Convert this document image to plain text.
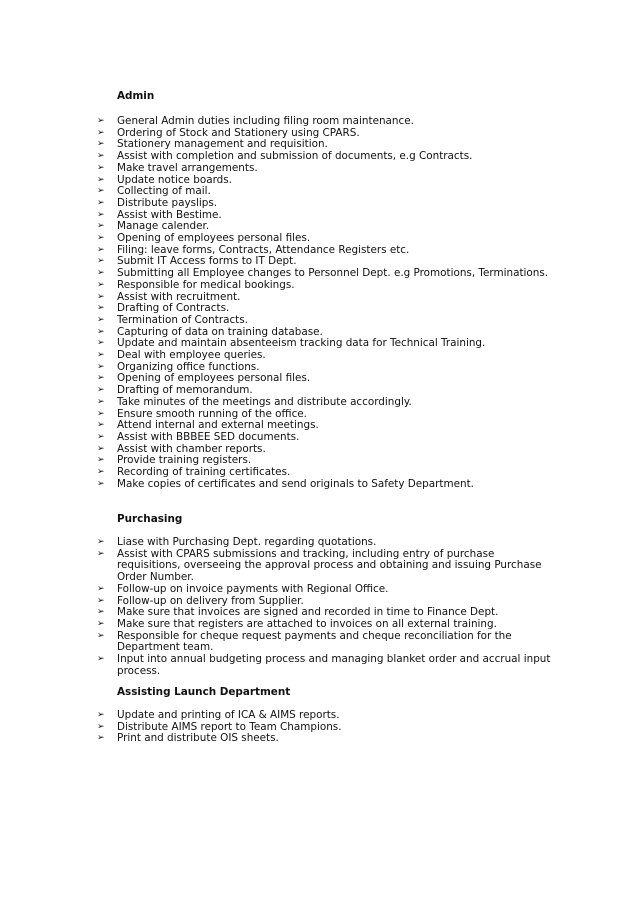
Admin
➢	General Admin duties including filing room maintenance.
➢	Ordering of Stock and Stationery using CPARS.
➢	Stationery management and requisition.
➢	Assist with completion and submission of documents, e.g Contracts.
➢	Make travel arrangements.
➢	Update notice boards.
➢	Collecting of mail.
➢	Distribute payslips.
➢	Assist with Bestime.
➢	Manage calender.
➢	Opening of employees personal files.
➢	Filing: leave forms, Contracts, Attendance Registers etc.
➢	Submit IT Access forms to IT Dept.
➢	Submitting all Employee changes to Personnel Dept. e.g Promotions, Terminations.
➢	Responsible for medical bookings.
➢	Assist with recruitment.
➢	Drafting of Contracts.
➢	Termination of Contracts.
➢	Capturing of data on training database.
➢	Update and maintain absenteeism tracking data for Technical Training.
➢	Deal with employee queries.
➢	Organizing office functions.
➢	Opening of employees personal files.
➢	Drafting of memorandum.
➢	Take minutes of the meetings and distribute accordingly.
➢	Ensure smooth running of the office.
➢	Attend internal and external meetings.
➢	Assist with BBBEE SED documents.
➢	Assist with chamber reports.
➢	Provide training registers.
➢	Recording of training certificates.
➢	Make copies of certificates and send originals to Safety Department.
Purchasing
➢	Liase with Purchasing Dept. regarding quotations.
➢	Assist with CPARS submissions and tracking, including entry of purchase requisitions, overseeing the approval process and obtaining and issuing Purchase Order Number.
➢	Follow-up on invoice payments with Regional Office.
➢	Follow-up on delivery from Supplier.
➢	Make sure that invoices are signed and recorded in time to Finance Dept.
➢	Make sure that registers are attached to invoices on all external training.
➢	Responsible for cheque request payments and cheque reconciliation for the Department team.
➢	Input into annual budgeting process and managing blanket order and accrual input process.
Assisting Launch Department
➢	Update and printing of ICA & AIMS reports.
➢	Distribute AIMS report to Team Champions.
➢	Print and distribute OIS sheets.
